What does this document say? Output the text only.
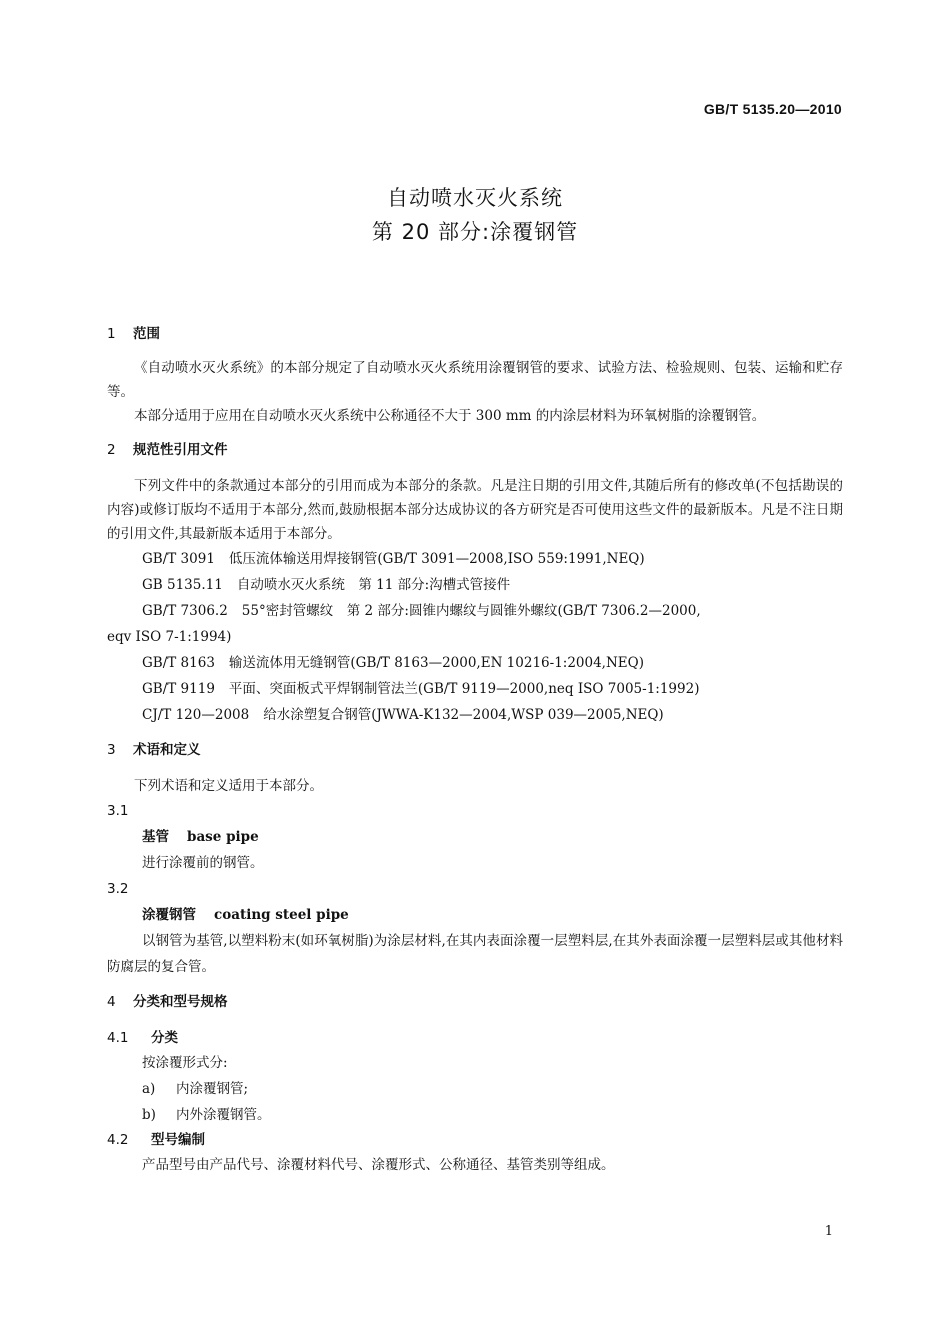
GB/T 5135.20—2010
自动喷水灭火系统
第 20 部分:涂覆钢管
1 范围

《自动喷水灭火系统》的本部分规定了自动喷水灭火系统用涂覆钢管的要求、试验方法、检验规则、包装、运输和贮存等。

本部分适用于应用在自动喷水灭火系统中公称通径不大于 300 mm 的内涂层材料为环氧树脂的涂覆钢管。

2 规范性引用文件

下列文件中的条款通过本部分的引用而成为本部分的条款。凡是注日期的引用文件,其随后所有的修改单(不包括勘误的内容)或修订版均不适用于本部分,然而,鼓励根据本部分达成协议的各方研究是否可使用这些文件的最新版本。凡是不注日期的引用文件,其最新版本适用于本部分。

GB/T 3091 低压流体输送用焊接钢管(GB/T 3091—2008,ISO 559:1991,NEQ)

GB 5135.11 自动喷水灭火系统　第 11 部分:沟槽式管接件

GB/T 7306.2 55°密封管螺纹　第 2 部分:圆锥内螺纹与圆锥外螺纹(GB/T 7306.2—2000,

eqv ISO 7-1:1994)

GB/T 8163 输送流体用无缝钢管(GB/T 8163—2000,EN 10216-1:2004,NEQ)

GB/T 9119 平面、突面板式平焊钢制管法兰(GB/T 9119—2000,neq ISO 7005-1:1992)

CJ/T 120—2008 给水涂塑复合钢管(JWWA-K132—2004,WSP 039—2005,NEQ)

3 术语和定义

下列术语和定义适用于本部分。

3.1

基管 base pipe

进行涂覆前的钢管。

3.2

涂覆钢管 coating steel pipe

以钢管为基管,以塑料粉末(如环氧树脂)为涂层材料,在其内表面涂覆一层塑料层,在其外表面涂覆一层塑料层或其他材料防腐层的复合管。

4 分类和型号规格
4.1 分类

按涂覆形式分:

a) 内涂覆钢管;

b) 内外涂覆钢管。

4.2 型号编制

产品型号由产品代号、涂覆材料代号、涂覆形式、公称通径、基管类别等组成。

1
